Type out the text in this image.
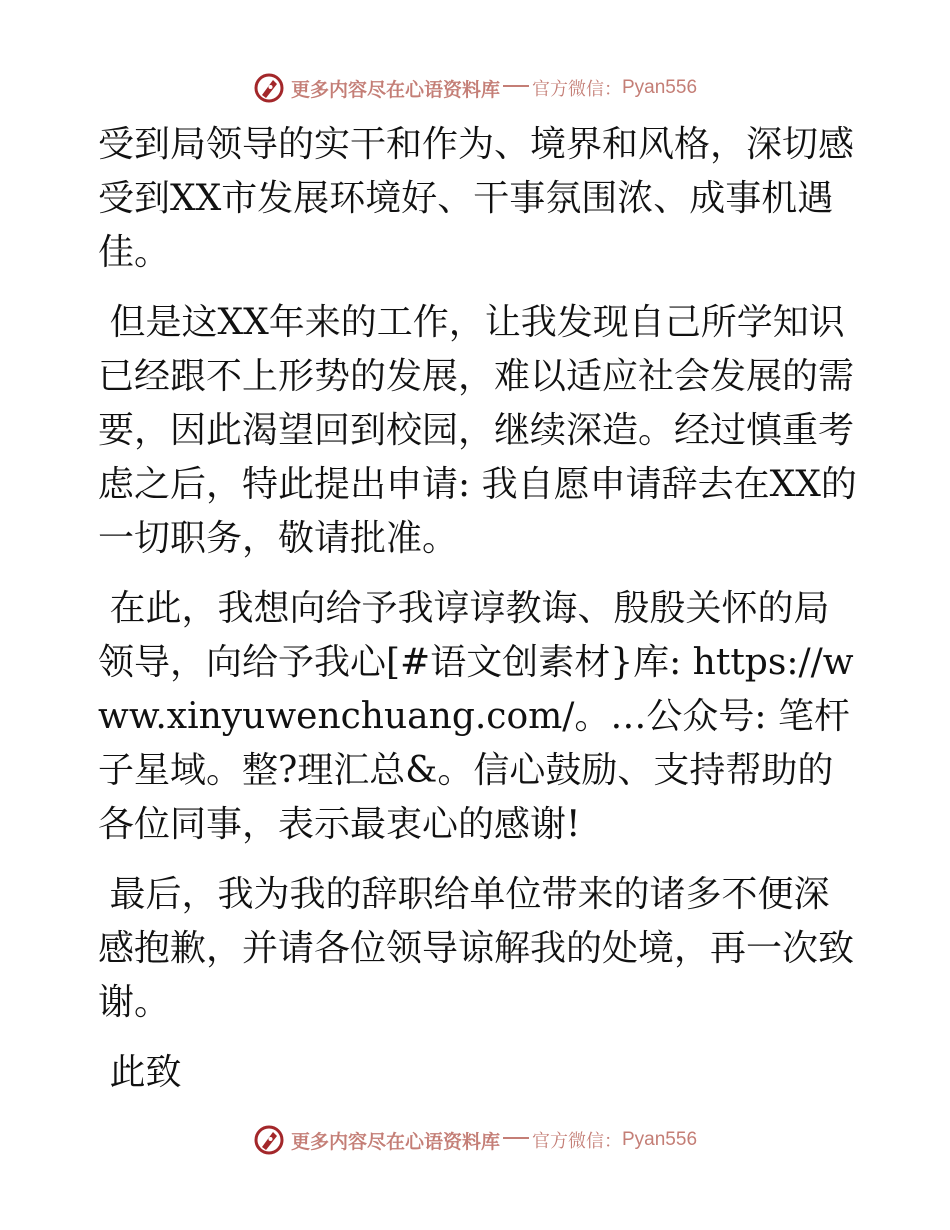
更多内容尽在心语资料库 官方微信： Pyan556

受到局领导的实干和作为、境界和风格，深切感受到XX市发展环境好、干事氛围浓、成事机遇佳。

但是这XX年来的工作，让我发现自己所学知识已经跟不上形势的发展，难以适应社会发展的需要，因此渴望回到校园，继续深造。经过慎重考虑之后，特此提出申请: 我自愿申请辞去在XX的一切职务，敬请批准。

在此，我想向给予我谆谆教诲、殷殷关怀的局领导，向给予我心[#语文创素材}库: https://www.xinyuwenchuang.com/。…公众号: 笔杆子星域。整?理汇总&。信心鼓励、支持帮助的各位同事，表示最衷心的感谢!

最后，我为我的辞职给单位带来的诸多不便深感抱歉，并请各位领导谅解我的处境，再一次致谢。

此致

更多内容尽在心语资料库 官方微信： Pyan556
